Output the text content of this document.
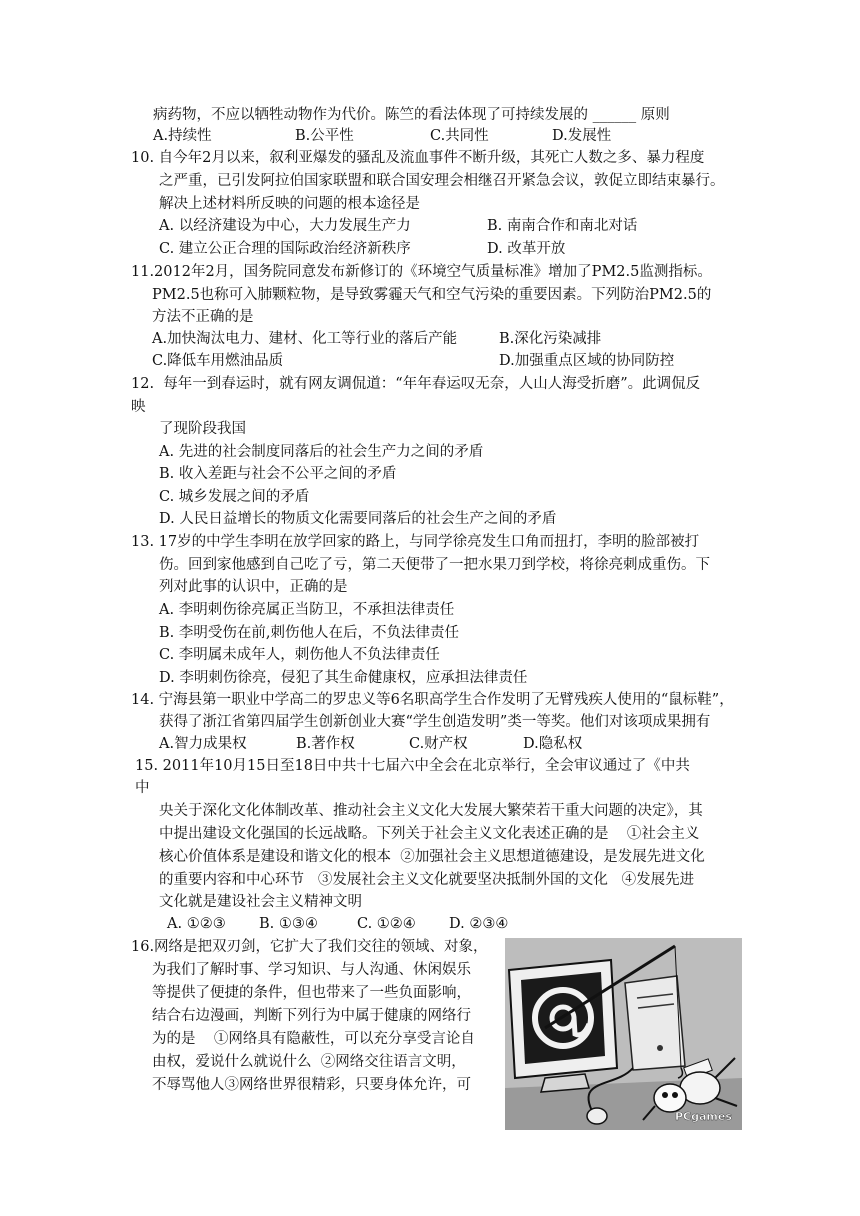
病药物，不应以牺牲动物作为代价。陈竺的看法体现了可持续发展的 ______ 原则
A.持续性	B.公平性	C.共同性	D.发展性
10. 自今年2月以来，叙利亚爆发的骚乱及流血事件不断升级，其死亡人数之多、暴力程度
之严重，已引发阿拉伯国家联盟和联合国安理会相继召开紧急会议，敦促立即结束暴行。
解决上述材料所反映的问题的根本途径是
A. 以经济建设为中心，大力发展生产力	B. 南南合作和南北对话
C. 建立公正合理的国际政治经济新秩序	D. 改革开放
11.2012年2月，国务院同意发布新修订的《环境空气质量标准》增加了PM2.5监测指标。
PM2.5也称可入肺颗粒物，是导致雾霾天气和空气污染的重要因素。下列防治PM2.5的
方法不正确的是
A.加快淘汰电力、建材、化工等行业的落后产能	B.深化污染减排
C.降低车用燃油品质	D.加强重点区域的协同防控
12.  每年一到春运时，就有网友调侃道：“年年春运叹无奈，人山人海受折磨”。此调侃反
映
了现阶段我国
A. 先进的社会制度同落后的社会生产力之间的矛盾
B. 收入差距与社会不公平之间的矛盾
C. 城乡发展之间的矛盾
D. 人民日益增长的物质文化需要同落后的社会生产之间的矛盾
13. 17岁的中学生李明在放学回家的路上，与同学徐亮发生口角而扭打，李明的脸部被打
伤。回到家他感到自己吃了亏，第二天便带了一把水果刀到学校，将徐亮刺成重伤。下
列对此事的认识中，正确的是
A. 李明刺伤徐亮属正当防卫，不承担法律责任
B. 李明受伤在前,刺伤他人在后，不负法律责任
C. 李明属未成年人，刺伤他人不负法律责任
D. 李明刺伤徐亮，侵犯了其生命健康权，应承担法律责任
14. 宁海县第一职业中学高二的罗忠义等6名职高学生合作发明了无臂残疾人使用的“鼠标鞋”，
获得了浙江省第四届学生创新创业大赛“学生创造发明”类一等奖。他们对该项成果拥有
A.智力成果权	B.著作权	C.财产权	D.隐私权
15. 2011年10月15日至18日中共十七届六中全会在北京举行，全会审议通过了《中共
中
央关于深化文化体制改革、推动社会主义文化大发展大繁荣若干重大问题的决定》，其
中提出建设文化强国的长远战略。下列关于社会主义文化表述正确的是    ①社会主义
核心价值体系是建设和谐文化的根本  ②加强社会主义思想道德建设，是发展先进文化
的重要内容和中心环节   ③发展社会主义文化就要坚决抵制外国的文化   ④发展先进
文化就是建设社会主义精神文明
A. ①②③ B. ①③④	C. ①②④ D. ②③④
16.网络是把双刃剑，它扩大了我们交往的领域、对象，
为我们了解时事、学习知识、与人沟通、休闲娱乐
等提供了便捷的条件，但也带来了一些负面影响，
结合右边漫画，判断下列行为中属于健康的网络行
为的是    ①网络具有隐蔽性，可以充分享受言论自
由权，爱说什么就说什么  ②网络交往语言文明，
不辱骂他人③网络世界很精彩，只要身体允许，可
PCgames
